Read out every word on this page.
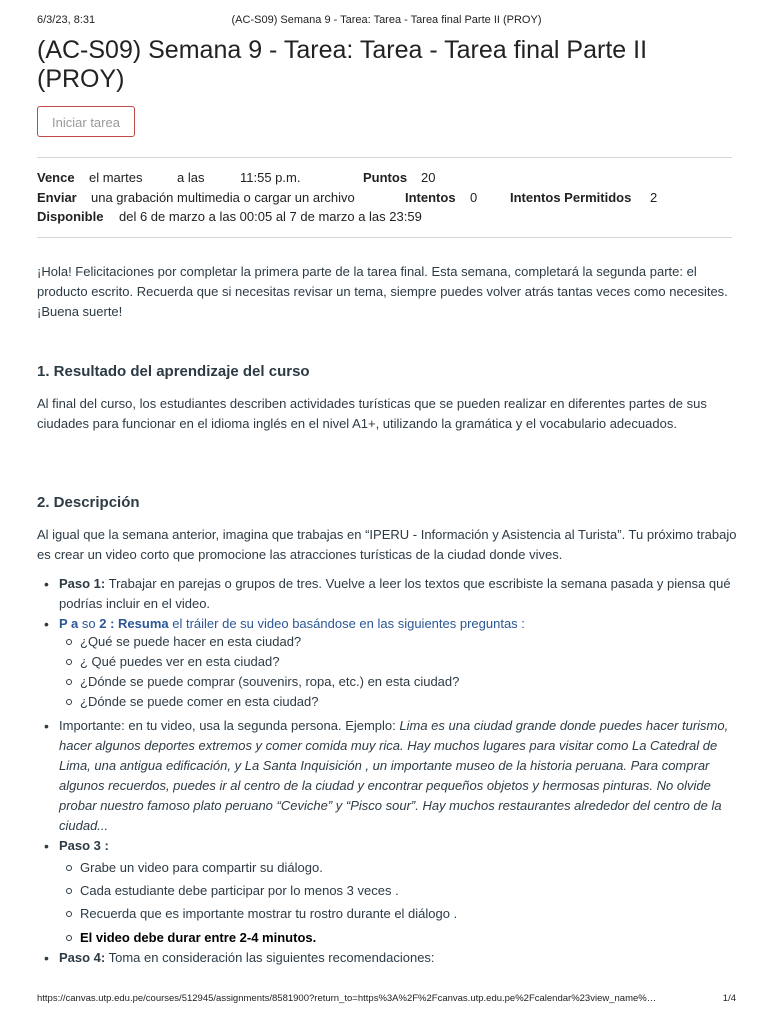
6/3/23, 8:31	(AC-S09) Semana 9 - Tarea: Tarea - Tarea final Parte II (PROY)
(AC-S09) Semana 9 - Tarea: Tarea - Tarea final Parte II (PROY)
Iniciar tarea
Vence el martes	a las	11:55 p.m.	Puntos 20
Enviar una grabación multimedia o cargar un archivo	Intentos 0	Intentos Permitidos 2
Disponible del 6 de marzo a las 00:05 al 7 de marzo a las 23:59

¡Hola! Felicitaciones por completar la primera parte de la tarea final. Esta semana, completará la segunda parte: el producto escrito. Recuerda que si necesitas revisar un tema, siempre puedes volver atrás tantas veces como necesites. ¡Buena suerte!

1. Resultado del aprendizaje del curso

Al final del curso, los estudiantes describen actividades turísticas que se pueden realizar en diferentes partes de sus ciudades para funcionar en el idioma inglés en el nivel A1+, utilizando la gramática y el vocabulario adecuados.

2. Descripción

Al igual que la semana anterior, imagina que trabajas en “IPERU - Información y Asistencia al Turista”. Tu próximo trabajo es crear un video corto que promocione las atracciones turísticas de la ciudad donde vives.

• Paso 1: Trabajar en parejas o grupos de tres. Vuelve a leer los textos que escribiste la semana pasada y piensa qué podrías incluir en el video.
• P a so 2 : Resuma el tráiler de su video basándose en las siguientes preguntas :
¿Qué se puede hacer en esta ciudad?
¿ Qué puedes ver en esta ciudad?
¿Dónde se puede comprar (souvenirs, ropa, etc.) en esta ciudad?
¿Dónde se puede comer en esta ciudad?
• Importante: en tu video, usa la segunda persona. Ejemplo: Lima es una ciudad grande donde puedes hacer turismo, hacer algunos deportes extremos y comer comida muy rica. Hay muchos lugares para visitar como La Catedral de Lima, una antigua edificación, y La Santa Inquisición , un importante museo de la historia peruana. Para comprar algunos recuerdos, puedes ir al centro de la ciudad y encontrar pequeños objetos y hermosas pinturas. No olvide probar nuestro famoso plato peruano “Ceviche” y “Pisco sour”. Hay muchos restaurantes alrededor del centro de la ciudad...
• Paso 3 :
Grabe un video para compartir su diálogo.
Cada estudiante debe participar por lo menos 3 veces .
Recuerda que es importante mostrar tu rostro durante el diálogo .
El video debe durar entre 2-4 minutos.
• Paso 4: Toma en consideración las siguientes recomendaciones:
https://canvas.utp.edu.pe/courses/512945/assignments/8581900?return_to=https%3A%2F%2Fcanvas.utp.edu.pe%2Fcalendar%23view_name%…	1/4
